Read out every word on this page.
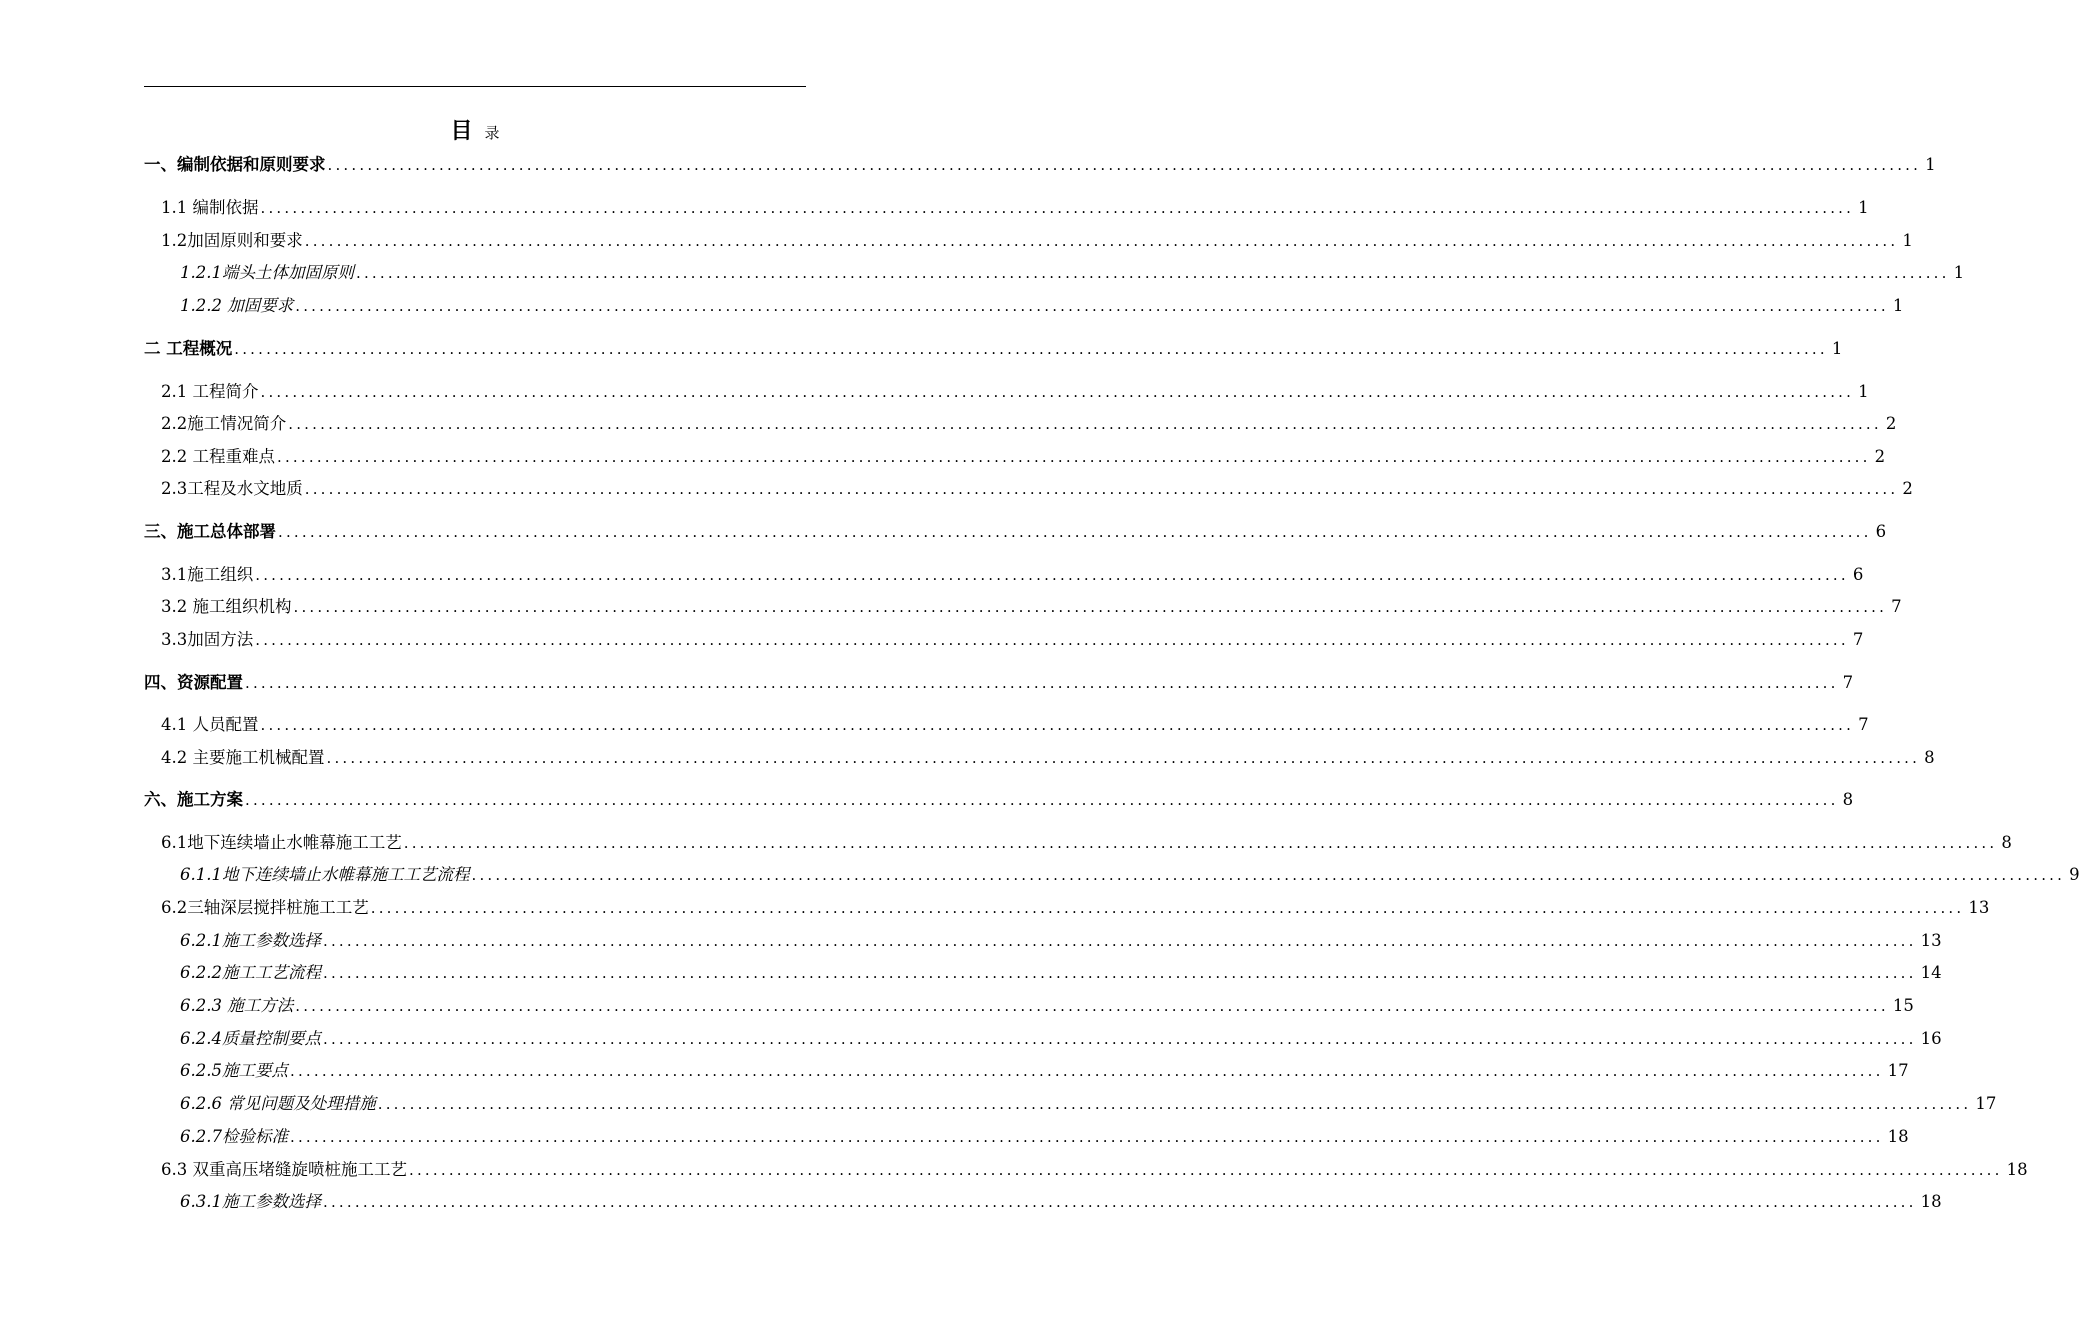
目 录
一、编制依据和原则要求 ........................................................................................................................................................................................................ 1
1.1 编制依据 ........................................................................................................................................................................................................ 1
1.2加固原则和要求 ........................................................................................................................................................................................................ 1
1.2.1端头土体加固原则 ........................................................................................................................................................................................................ 1
1.2.2 加固要求 ........................................................................................................................................................................................................ 1
二 工程概况 ........................................................................................................................................................................................................ 1
2.1 工程简介 ........................................................................................................................................................................................................ 1
2.2施工情况简介 ........................................................................................................................................................................................................ 2
2.2 工程重难点 ........................................................................................................................................................................................................ 2
2.3工程及水文地质 ........................................................................................................................................................................................................ 2
三、施工总体部署 ........................................................................................................................................................................................................ 6
3.1施工组织 ........................................................................................................................................................................................................ 6
3.2 施工组织机构 ........................................................................................................................................................................................................ 7
3.3加固方法 ........................................................................................................................................................................................................ 7
四、资源配置 ........................................................................................................................................................................................................ 7
4.1 人员配置 ........................................................................................................................................................................................................ 7
4.2 主要施工机械配置 ........................................................................................................................................................................................................ 8
六、施工方案 ........................................................................................................................................................................................................ 8
6.1地下连续墙止水帷幕施工工艺 ........................................................................................................................................................................................................ 8
6.1.1地下连续墙止水帷幕施工工艺流程 ........................................................................................................................................................................................................ 9
6.2三轴深层搅拌桩施工工艺 ........................................................................................................................................................................................................ 13
6.2.1施工参数选择 ........................................................................................................................................................................................................ 13
6.2.2施工工艺流程 ........................................................................................................................................................................................................ 14
6.2.3 施工方法 ........................................................................................................................................................................................................ 15
6.2.4质量控制要点 ........................................................................................................................................................................................................ 16
6.2.5施工要点 ........................................................................................................................................................................................................ 17
6.2.6 常见问题及处理措施 ........................................................................................................................................................................................................ 17
6.2.7检验标准 ........................................................................................................................................................................................................ 18
6.3 双重高压堵缝旋喷桩施工工艺 ........................................................................................................................................................................................................ 18
6.3.1施工参数选择 ........................................................................................................................................................................................................ 18
